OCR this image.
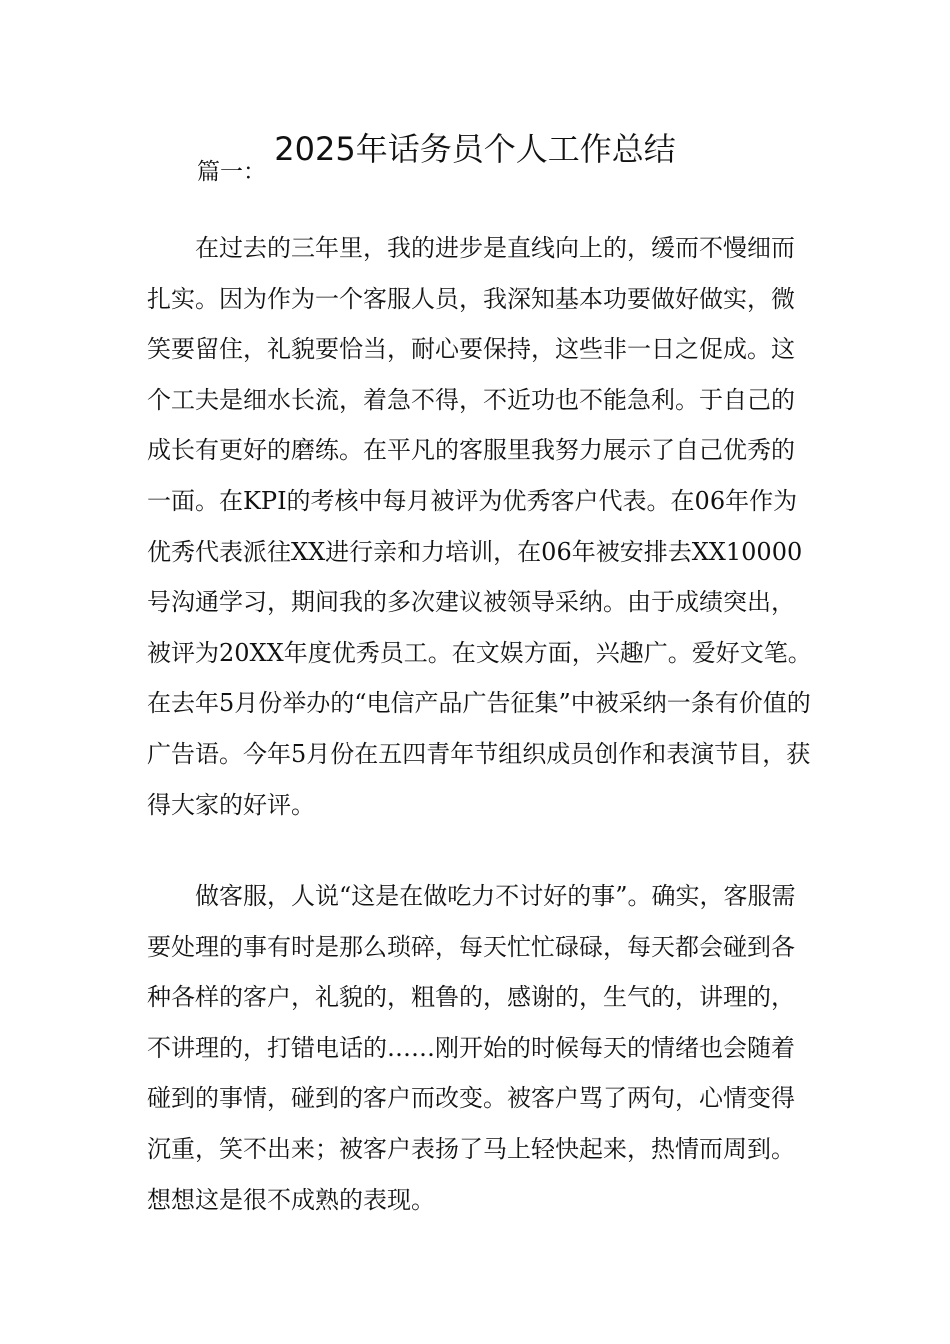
2025年话务员个人工作总结
篇一：

在过去的三年里，我的进步是直线向上的，缓而不慢细而扎实。因为作为一个客服人员，我深知基本功要做好做实，微笑要留住，礼貌要恰当，耐心要保持，这些非一日之促成。这个工夫是细水长流，着急不得，不近功也不能急利。于自己的成长有更好的磨练。在平凡的客服里我努力展示了自己优秀的一面。在KPI的考核中每月被评为优秀客户代表。在06年作为优秀代表派往XX进行亲和力培训，在06年被安排去XX10000号沟通学习，期间我的多次建议被领导采纳。由于成绩突出，被评为20XX年度优秀员工。在文娱方面，兴趣广。爱好文笔。在去年5月份举办的“电信产品广告征集”中被采纳一条有价值的广告语。今年5月份在五四青年节组织成员创作和表演节目，获得大家的好评。

做客服，人说“这是在做吃力不讨好的事”。确实，客服需要处理的事有时是那么琐碎，每天忙忙碌碌，每天都会碰到各种各样的客户，礼貌的，粗鲁的，感谢的，生气的，讲理的，不讲理的，打错电话的……刚开始的时候每天的情绪也会随着碰到的事情，碰到的客户而改变。被客户骂了两句，心情变得沉重，笑不出来；被客户表扬了马上轻快起来，热情而周到。想想这是很不成熟的表现。
